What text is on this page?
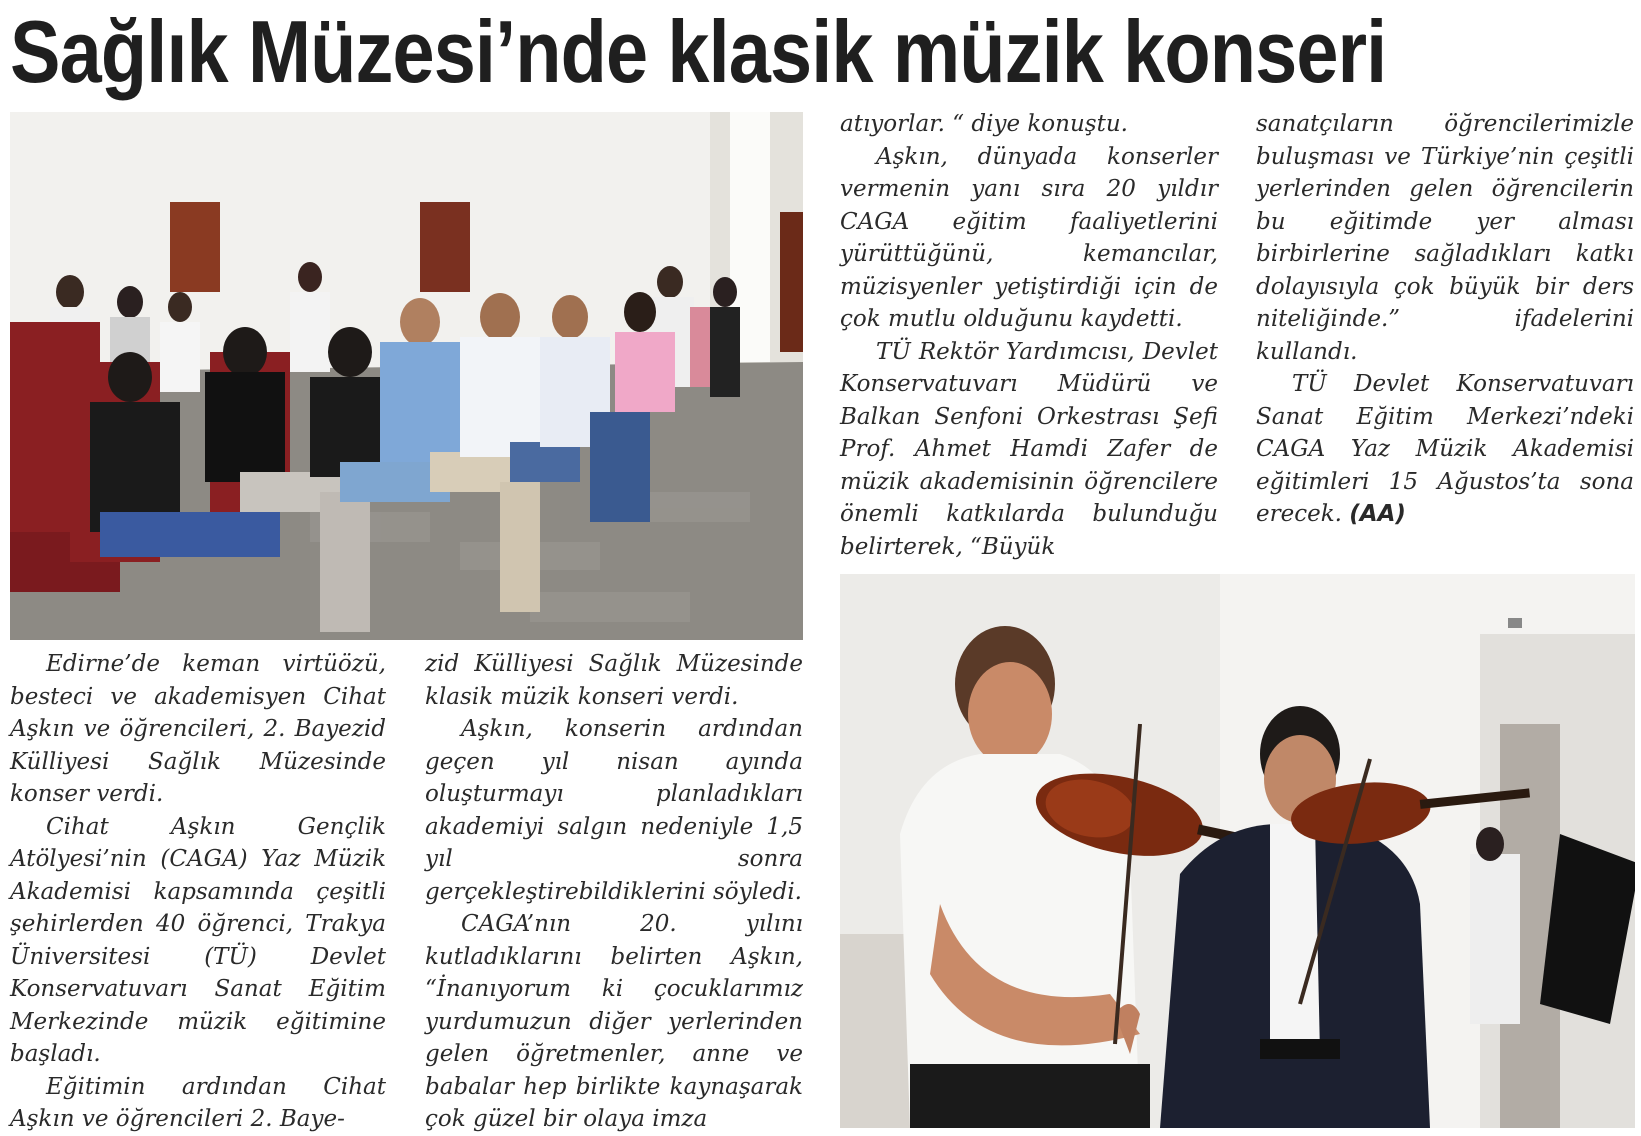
Sağlık Müzesi’nde klasik müzik konseri

Edirne’de keman virtüözü, besteci ve akademisyen Cihat Aşkın ve öğrencileri, 2. Bayezid Külliyesi Sağlık Müzesinde konser verdi.

Cihat Aşkın Gençlik Atölyesi’nin (CAGA) Yaz Müzik Akademisi kapsamında çeşitli şehirlerden 40 öğrenci, Trakya Üniversitesi (TÜ) Devlet Konservatuvarı Sanat Eğitim Merkezinde müzik eğitimine başladı.

Eğitimin ardından Cihat Aşkın ve öğrencileri 2. Baye-

zid Külliyesi Sağlık Müzesinde klasik müzik konseri verdi.

Aşkın, konserin ardından geçen yıl nisan ayında oluşturmayı planladıkları akademiyi salgın nedeniyle 1,5 yıl sonra gerçekleştirebildiklerini söyledi.

CAGA’nın 20. yılını kutladıklarını belirten Aşkın, “İnanıyorum ki çocuklarımız yurdumuzun diğer yerlerinden gelen öğretmenler, anne ve babalar hep birlikte kaynaşarak çok güzel bir olaya imza

atıyorlar. “ diye konuştu.

Aşkın, dünyada konserler vermenin yanı sıra 20 yıldır CAGA eğitim faaliyetlerini yürüttüğünü, kemancılar, müzisyenler yetiştirdiği için de çok mutlu olduğunu kaydetti.

TÜ Rektör Yardımcısı, Devlet Konservatuvarı Müdürü ve Balkan Senfoni Orkestrası Şefi Prof. Ahmet Hamdi Zafer de müzik akademisinin öğrencilere önemli katkılarda bulunduğu belirterek, “Büyük

sanatçıların öğrencilerimizle buluşması ve Türkiye’nin çeşitli yerlerinden gelen öğrencilerin bu eğitimde yer alması birbirlerine sağladıkları katkı dolayısıyla çok büyük bir ders niteliğinde.” ifadelerini kullandı.

TÜ Devlet Konservatuvarı Sanat Eğitim Merkezi’ndeki CAGA Yaz Müzik Akademisi eğitimleri 15 Ağustos’ta sona erecek. (AA)
